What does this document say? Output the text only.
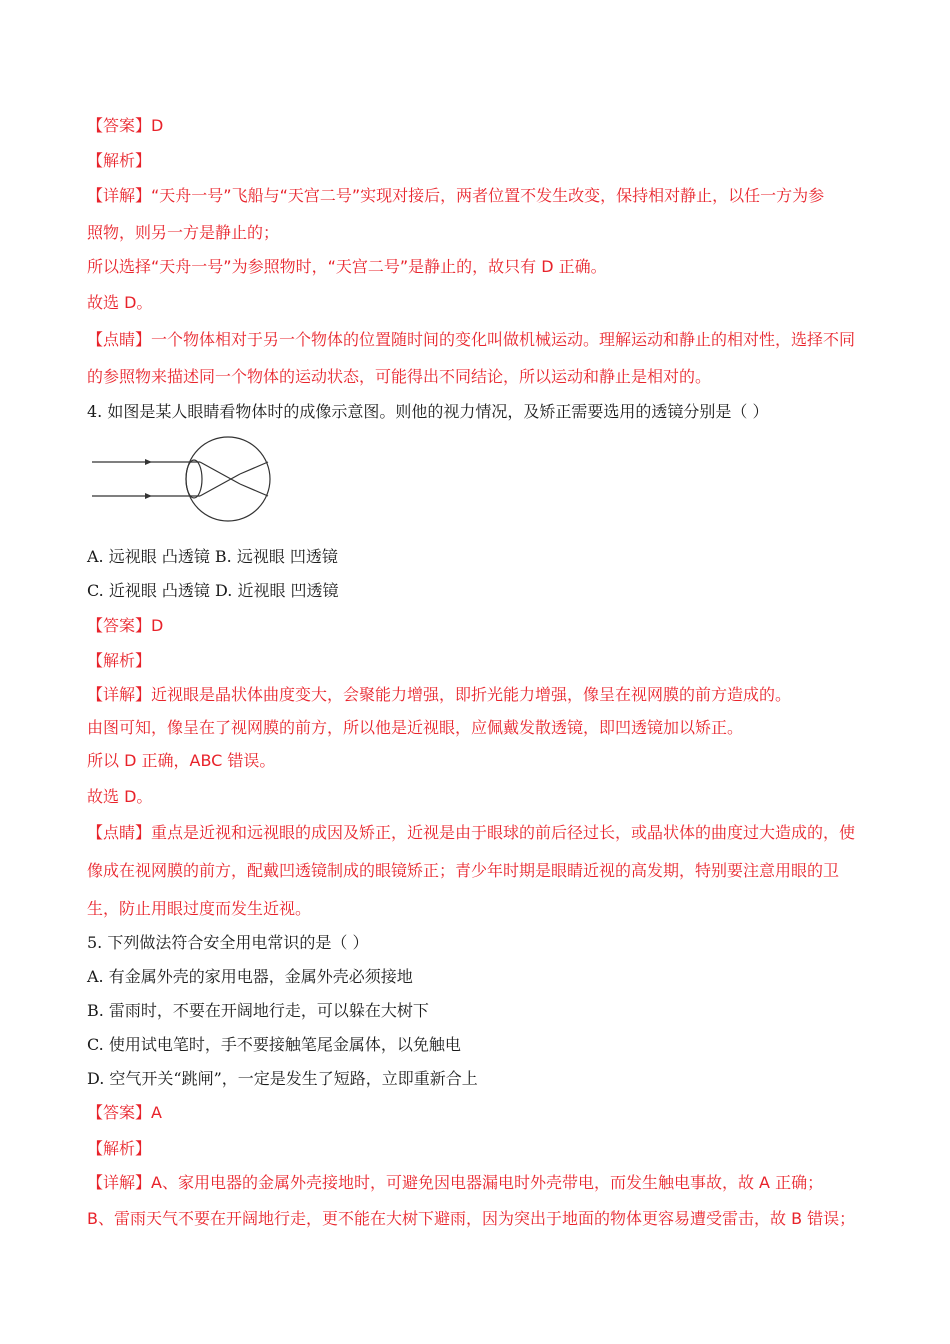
【答案】D
【解析】
【详解】“天舟一号”飞船与“天宫二号”实现对接后，两者位置不发生改变，保持相对静止，以任一方为参
照物，则另一方是静止的；
所以选择“天舟一号”为参照物时，“天宫二号”是静止的，故只有 D 正确。
故选 D。
【点睛】一个物体相对于另一个物体的位置随时间的变化叫做机械运动。理解运动和静止的相对性，选择不同
的参照物来描述同一个物体的运动状态，可能得出不同结论，所以运动和静止是相对的。
4. 如图是某人眼睛看物体时的成像示意图。则他的视力情况，及矫正需要选用的透镜分别是（ ）
A. 远视眼 凸透镜 B. 远视眼 凹透镜
C. 近视眼 凸透镜 D. 近视眼 凹透镜
【答案】D
【解析】
【详解】近视眼是晶状体曲度变大，会聚能力增强，即折光能力增强，像呈在视网膜的前方造成的。
由图可知，像呈在了视网膜的前方，所以他是近视眼，应佩戴发散透镜，即凹透镜加以矫正。
所以 D 正确，ABC 错误。
故选 D。
【点睛】重点是近视和远视眼的成因及矫正，近视是由于眼球的前后径过长，或晶状体的曲度过大造成的，使
像成在视网膜的前方，配戴凹透镜制成的眼镜矫正；青少年时期是眼睛近视的高发期，特别要注意用眼的卫
生，防止用眼过度而发生近视。
5. 下列做法符合安全用电常识的是（ ）
A. 有金属外壳的家用电器，金属外壳必须接地
B. 雷雨时，不要在开阔地行走，可以躲在大树下
C. 使用试电笔时，手不要接触笔尾金属体，以免触电
D. 空气开关“跳闸”，一定是发生了短路，立即重新合上
【答案】A
【解析】
【详解】A、家用电器的金属外壳接地时，可避免因电器漏电时外壳带电，而发生触电事故，故 A 正确；
B、雷雨天气不要在开阔地行走，更不能在大树下避雨，因为突出于地面的物体更容易遭受雷击，故 B 错误；
